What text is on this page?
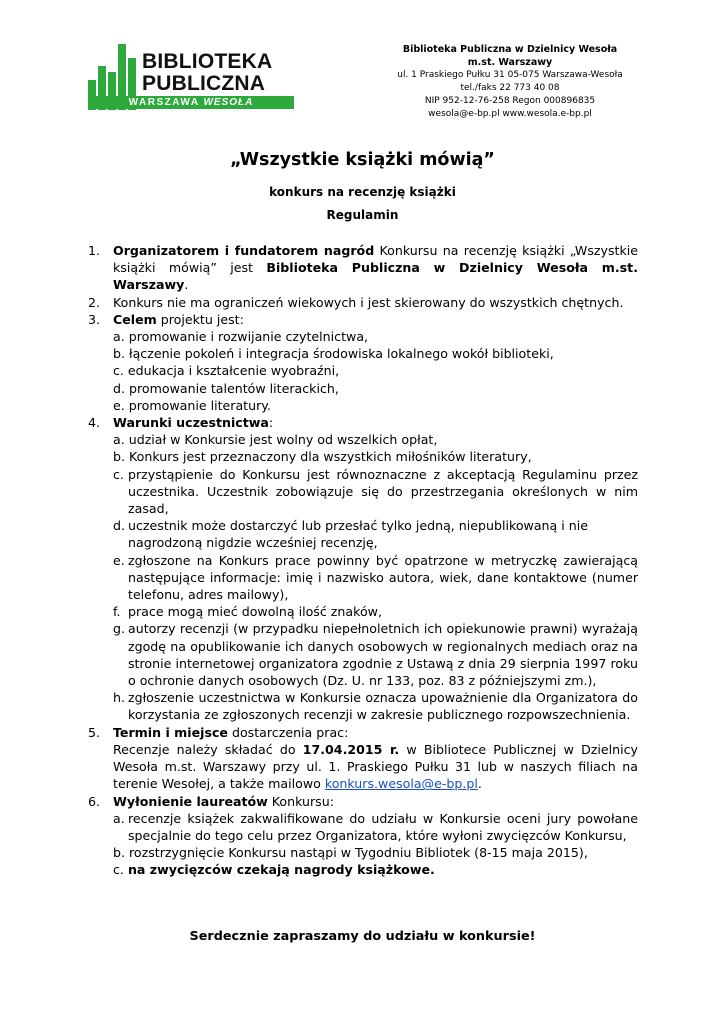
BIBLIOTEKA
PUBLICZNA
WARSZAWA WESOŁA
Biblioteka Publiczna w Dzielnicy Wesoła
m.st. Warszawy
ul. 1 Praskiego Pułku 31 05-075 Warszawa-Wesoła
tel./faks 22 773 40 08
NIP 952-12-76-258 Regon 000896835
wesola@e-bp.pl www.wesola.e-bp.pl
„Wszystkie książki mówią”
konkurs na recenzję książki
Regulamin
1. Organizatorem i fundatorem nagród Konkursu na recenzję książki „Wszystkie książki mówią” jest Biblioteka Publiczna w Dzielnicy Wesoła m.st. Warszawy.
2. Konkurs nie ma ograniczeń wiekowych i jest skierowany do wszystkich chętnych.
3. Celem projektu jest:
a. promowanie i rozwijanie czytelnictwa,
b. łączenie pokoleń i integracja środowiska lokalnego wokół biblioteki,
c. edukacja i kształcenie wyobraźni,
d. promowanie talentów literackich,
e. promowanie literatury.
4. Warunki uczestnictwa:
a. udział w Konkursie jest wolny od wszelkich opłat,
b. Konkurs jest przeznaczony dla wszystkich miłośników literatury,
c. przystąpienie do Konkursu jest równoznaczne z akceptacją Regulaminu przez uczestnika. Uczestnik zobowiązuje się do przestrzegania określonych w nim zasad,
d. uczestnik może dostarczyć lub przesłać tylko jedną, niepublikowaną i nie nagrodzoną nigdzie wcześniej recenzję,
e. zgłoszone na Konkurs prace powinny być opatrzone w metryczkę zawierającą następujące informacje: imię i nazwisko autora, wiek, dane kontaktowe (numer telefonu, adres mailowy),
f. prace mogą mieć dowolną ilość znaków,
g. autorzy recenzji (w przypadku niepełnoletnich ich opiekunowie prawni) wyrażają zgodę na opublikowanie ich danych osobowych w regionalnych mediach oraz na stronie internetowej organizatora zgodnie z Ustawą z dnia 29 sierpnia 1997 roku o ochronie danych osobowych (Dz. U. nr 133, poz. 83 z późniejszymi zm.),
h. zgłoszenie uczestnictwa w Konkursie oznacza upoważnienie dla Organizatora do korzystania ze zgłoszonych recenzji w zakresie publicznego rozpowszechnienia.
5. Termin i miejsce dostarczenia prac:
Recenzje należy składać do 17.04.2015 r. w Bibliotece Publicznej w Dzielnicy Wesoła m.st. Warszawy przy ul. 1. Praskiego Pułku 31 lub w naszych filiach na terenie Wesołej, a także mailowo konkurs.wesola@e-bp.pl.
6. Wyłonienie laureatów Konkursu:
a. recenzje książek zakwalifikowane do udziału w Konkursie oceni jury powołane specjalnie do tego celu przez Organizatora, które wyłoni zwycięzców Konkursu,
b. rozstrzygnięcie Konkursu nastąpi w Tygodniu Bibliotek (8-15 maja 2015),
c. na zwycięzców czekają nagrody książkowe.
Serdecznie zapraszamy do udziału w konkursie!
